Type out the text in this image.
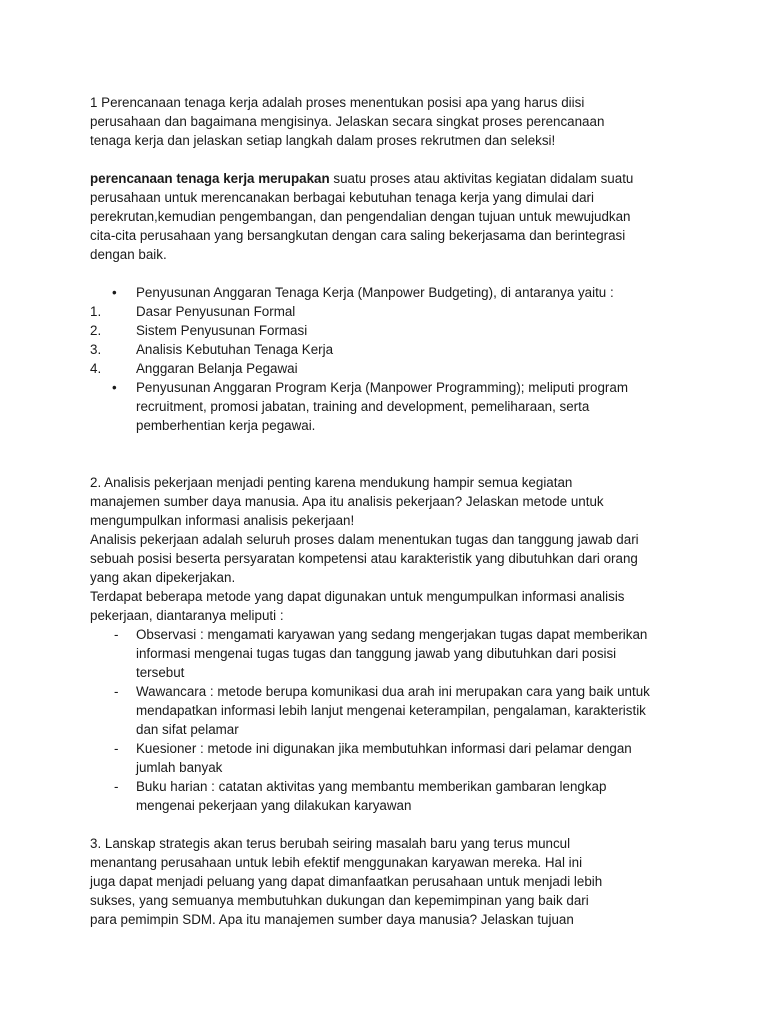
1 Perencanaan tenaga kerja adalah proses menentukan posisi apa yang harus diisi

perusahaan dan bagaimana mengisinya. Jelaskan secara singkat proses perencanaan

tenaga kerja dan jelaskan setiap langkah dalam proses rekrutmen dan seleksi!

perencanaan tenaga kerja merupakan suatu proses atau aktivitas kegiatan didalam suatu

perusahaan untuk merencanakan berbagai kebutuhan tenaga kerja yang dimulai dari

perekrutan,kemudian pengembangan, dan pengendalian dengan tujuan untuk mewujudkan

cita-cita perusahaan yang bersangkutan dengan cara saling bekerjasama dan berintegrasi

dengan baik.

•	Penyusunan Anggaran Tenaga Kerja (Manpower Budgeting), di antaranya yaitu :
1.	Dasar Penyusunan Formal
2.	Sistem Penyusunan Formasi
3.	Analisis Kebutuhan Tenaga Kerja
4.	Anggaran Belanja Pegawai
•	Penyusunan Anggaran Program Kerja (Manpower Programming); meliputi program

recruitment, promosi jabatan, training and development, pemeliharaan, serta

pemberhentian kerja pegawai.

2. Analisis pekerjaan menjadi penting karena mendukung hampir semua kegiatan

manajemen sumber daya manusia. Apa itu analisis pekerjaan? Jelaskan metode untuk

mengumpulkan informasi analisis pekerjaan!

Analisis pekerjaan adalah seluruh proses dalam menentukan tugas dan tanggung jawab dari

sebuah posisi beserta persyaratan kompetensi atau karakteristik yang dibutuhkan dari orang

yang akan dipekerjakan.

Terdapat beberapa metode yang dapat digunakan untuk mengumpulkan informasi analisis

pekerjaan, diantaranya meliputi :

-	Observasi : mengamati karyawan yang sedang mengerjakan tugas dapat memberikan

informasi mengenai tugas tugas dan tanggung jawab yang dibutuhkan dari posisi

tersebut

-	Wawancara : metode berupa komunikasi dua arah ini merupakan cara yang baik untuk

mendapatkan informasi lebih lanjut mengenai keterampilan, pengalaman, karakteristik

dan sifat pelamar

-	Kuesioner : metode ini digunakan jika membutuhkan informasi dari pelamar dengan

jumlah banyak

-	Buku harian : catatan aktivitas yang membantu memberikan gambaran lengkap

mengenai pekerjaan yang dilakukan karyawan

3. Lanskap strategis akan terus berubah seiring masalah baru yang terus muncul

menantang perusahaan untuk lebih efektif menggunakan karyawan mereka. Hal ini

juga dapat menjadi peluang yang dapat dimanfaatkan perusahaan untuk menjadi lebih

sukses, yang semuanya membutuhkan dukungan dan kepemimpinan yang baik dari

para pemimpin SDM. Apa itu manajemen sumber daya manusia? Jelaskan tujuan
